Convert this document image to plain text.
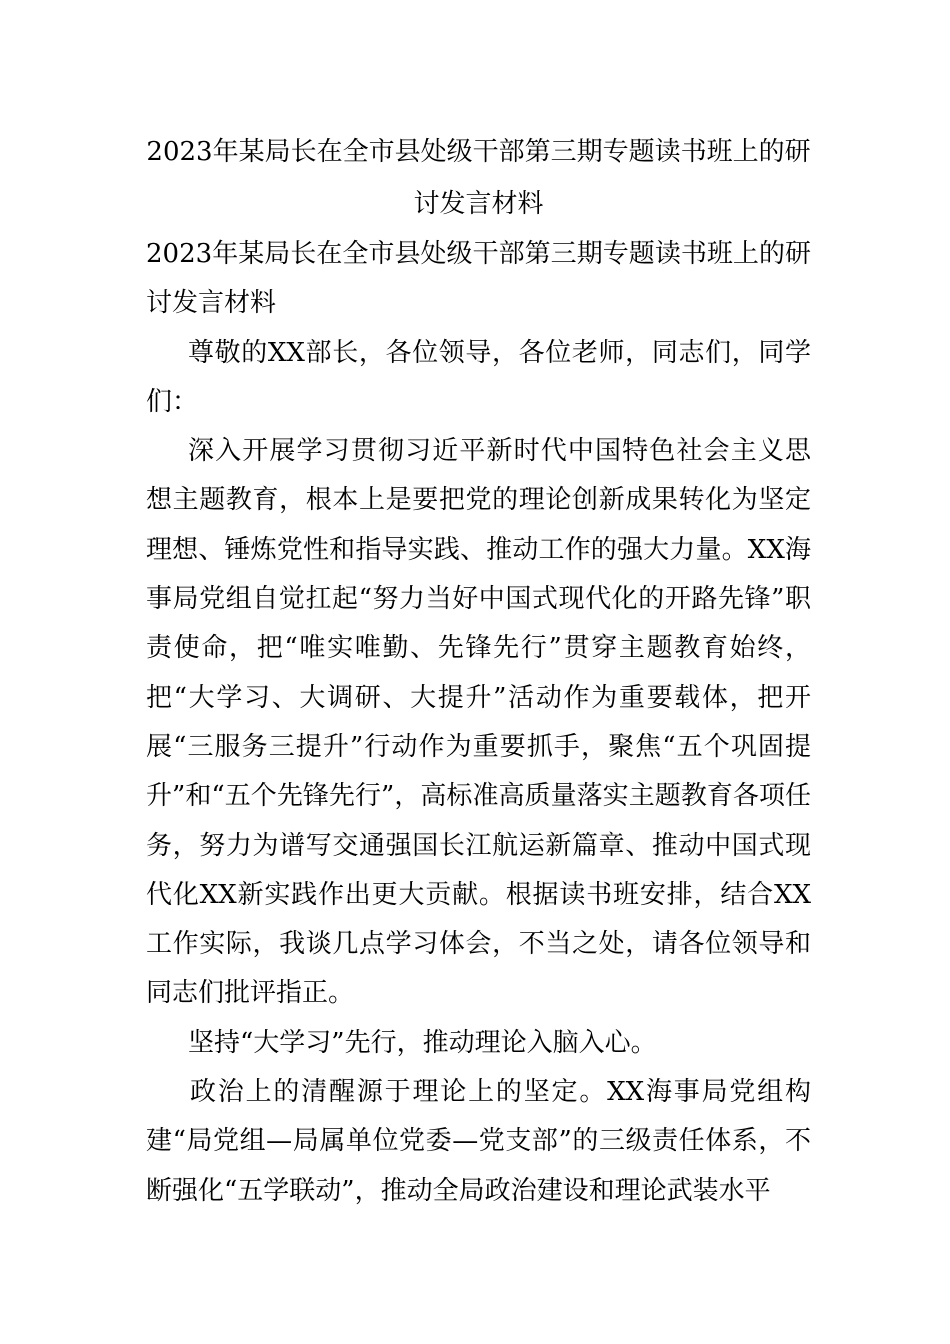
2023年某局长在全市县处级干部第三期专题读书班上的研讨发言材料

2023年某局长在全市县处级干部第三期专题读书班上的研讨发言材料

尊敬的XX部长，各位领导，各位老师，同志们，同学们：

深入开展学习贯彻习近平新时代中国特色社会主义思想主题教育，根本上是要把党的理论创新成果转化为坚定理想、锤炼党性和指导实践、推动工作的强大力量。XX海事局党组自觉扛起“努力当好中国式现代化的开路先锋”职责使命，把“唯实唯勤、先锋先行”贯穿主题教育始终，把“大学习、大调研、大提升”活动作为重要载体，把开展“三服务三提升”行动作为重要抓手，聚焦“五个巩固提升”和“五个先锋先行”，高标准高质量落实主题教育各项任务，努力为谱写交通强国长江航运新篇章、推动中国式现代化XX新实践作出更大贡献。根据读书班安排，结合XX工作实际，我谈几点学习体会，不当之处，请各位领导和同志们批评指正。

坚持“大学习”先行，推动理论入脑入心。

政治上的清醒源于理论上的坚定。XX海事局党组构建“局党组—局属单位党委—党支部”的三级责任体系，不断强化“五学联动”，推动全局政治建设和理论武装水平
